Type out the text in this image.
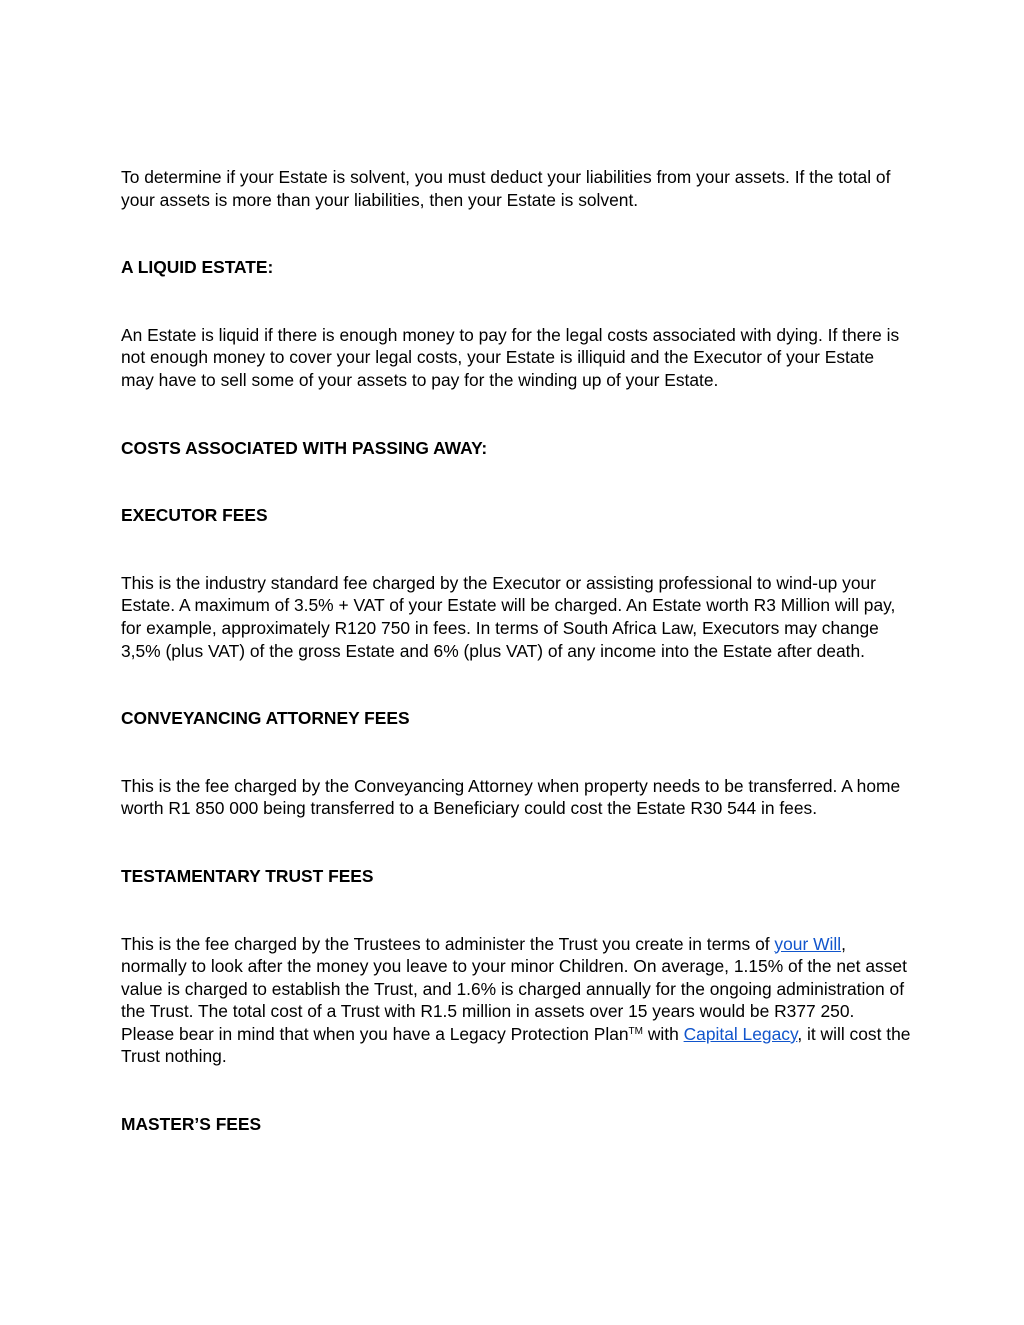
To determine if your Estate is solvent, you must deduct your liabilities from your assets. If the total of your assets is more than your liabilities, then your Estate is solvent.

A LIQUID ESTATE:

An Estate is liquid if there is enough money to pay for the legal costs associated with dying. If there is not enough money to cover your legal costs, your Estate is illiquid and the Executor of your Estate may have to sell some of your assets to pay for the winding up of your Estate.

COSTS ASSOCIATED WITH PASSING AWAY:

EXECUTOR FEES

This is the industry standard fee charged by the Executor or assisting professional to wind-up your Estate. A maximum of 3.5% + VAT of your Estate will be charged. An Estate worth R3 Million will pay, for example, approximately R120 750 in fees. In terms of South Africa Law, Executors may change 3,5% (plus VAT) of the gross Estate and 6% (plus VAT) of any income into the Estate after death.

CONVEYANCING ATTORNEY FEES

This is the fee charged by the Conveyancing Attorney when property needs to be transferred. A home worth R1 850 000 being transferred to a Beneficiary could cost the Estate R30 544 in fees.

TESTAMENTARY TRUST FEES

This is the fee charged by the Trustees to administer the Trust you create in terms of your Will, normally to look after the money you leave to your minor Children. On average, 1.15% of the net asset value is charged to establish the Trust, and 1.6% is charged annually for the ongoing administration of the Trust. The total cost of a Trust with R1.5 million in assets over 15 years would be R377 250. Please bear in mind that when you have a Legacy Protection Plan™ with Capital Legacy, it will cost the Trust nothing.

MASTER’S FEES
